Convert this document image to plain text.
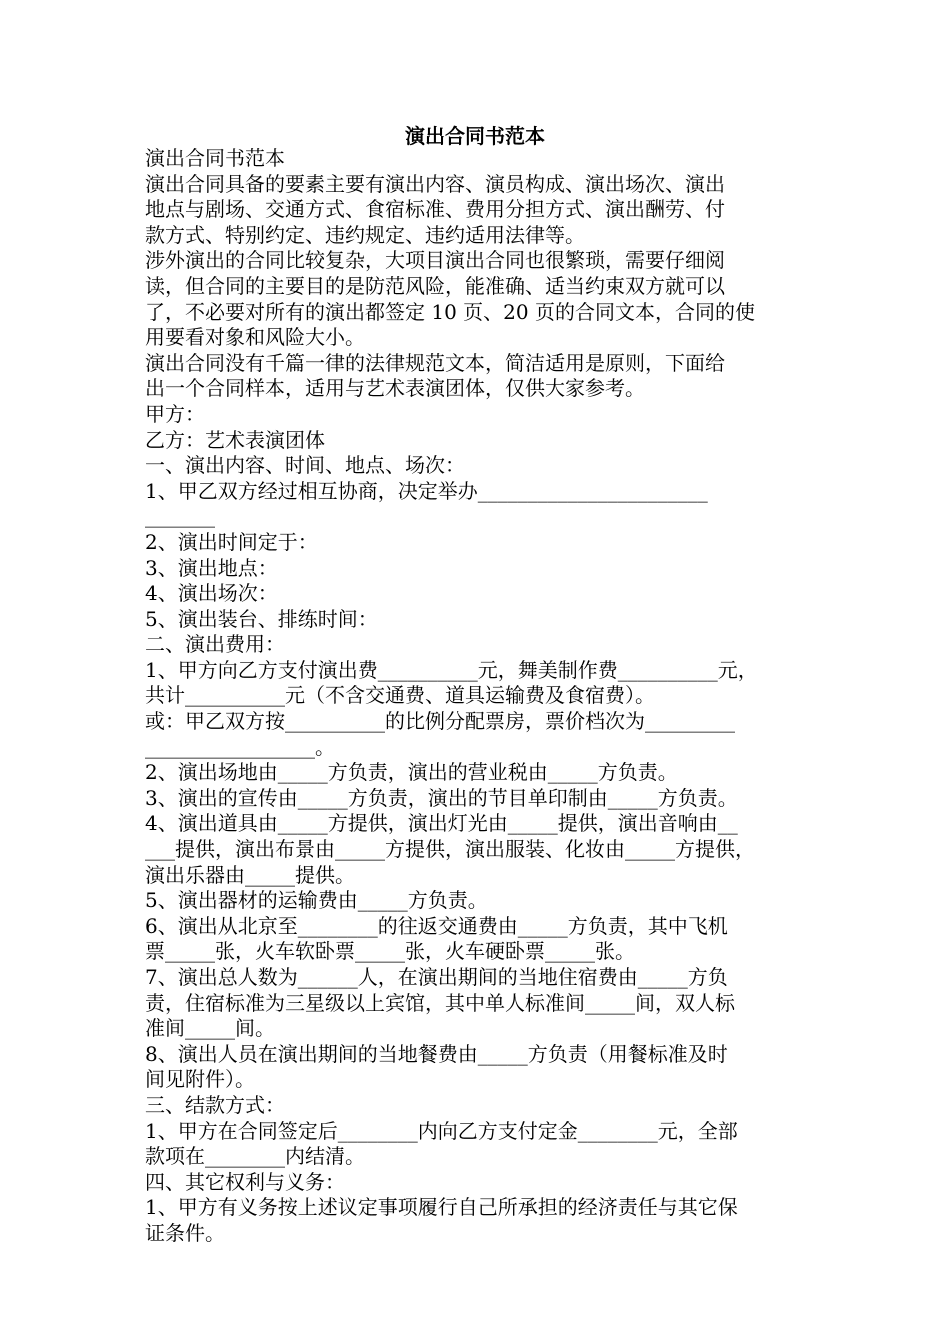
演出合同书范本

演出合同书范本

演出合同具备的要素主要有演出内容、演员构成、演出场次、演出

地点与剧场、交通方式、食宿标准、费用分担方式、演出酬劳、付

款方式、特别约定、违约规定、违约适用法律等。

涉外演出的合同比较复杂，大项目演出合同也很繁琐，需要仔细阅

读，但合同的主要目的是防范风险，能准确、适当约束双方就可以

了，不必要对所有的演出都签定 10 页、20 页的合同文本，合同的使

用要看对象和风险大小。

演出合同没有千篇一律的法律规范文本，简洁适用是原则，下面给

出一个合同样本，适用与艺术表演团体，仅供大家参考。

甲方：

乙方：艺术表演团体

一、演出内容、时间、地点、场次：

1、甲乙双方经过相互协商，决定举办_______________________

_______

2、演出时间定于：

3、演出地点：

4、演出场次：

5、演出装台、排练时间：

二、演出费用：

1、甲方向乙方支付演出费__________元，舞美制作费__________元，

共计__________元（不含交通费、道具运输费及食宿费）。

或：甲乙双方按__________的比例分配票房，票价档次为_________

_________________。

2、演出场地由_____方负责，演出的营业税由_____方负责。

3、演出的宣传由_____方负责，演出的节目单印制由_____方负责。

4、演出道具由_____方提供，演出灯光由_____提供，演出音响由__

___提供，演出布景由_____方提供，演出服装、化妆由_____方提供，

演出乐器由_____提供。

5、演出器材的运输费由_____方负责。

6、演出从北京至________的往返交通费由_____方负责，其中飞机

票_____张，火车软卧票_____张，火车硬卧票_____张。

7、演出总人数为______人，在演出期间的当地住宿费由_____方负

责，住宿标准为三星级以上宾馆，其中单人标准间_____间，双人标

准间_____间。

8、演出人员在演出期间的当地餐费由_____方负责（用餐标准及时

间见附件）。

三、结款方式：

1、甲方在合同签定后________内向乙方支付定金________元，全部

款项在________内结清。

四、其它权利与义务：

1、甲方有义务按上述议定事项履行自己所承担的经济责任与其它保

证条件。
